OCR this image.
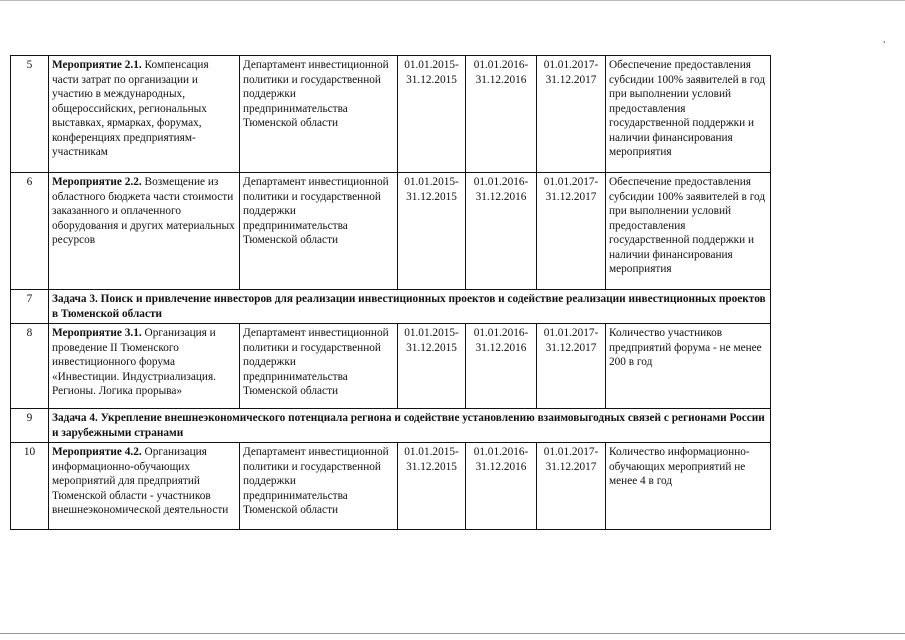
,
5	Мероприятие 2.1. Компенсация части затрат по организации и участию в международных, общероссийских, региональных выставках, ярмарках, форумах, конференциях предприятиям-участникам	Департамент инвестиционной политики и государственной поддержки предпринимательства Тюменской области	01.01.2015-31.12.2015	01.01.2016-31.12.2016	01.01.2017-31.12.2017	Обеспечение предоставления субсидии 100% заявителей в год при выполнении условий предоставления государственной поддержки и наличии финансирования мероприятия
6	Мероприятие 2.2. Возмещение из областного бюджета части стоимости заказанного и оплаченного оборудования и других материальных ресурсов	Департамент инвестиционной политики и государственной поддержки предпринимательства Тюменской области	01.01.2015-31.12.2015	01.01.2016-31.12.2016	01.01.2017-31.12.2017	Обеспечение предоставления субсидии 100% заявителей в год при выполнении условий предоставления государственной поддержки и наличии финансирования мероприятия
7	Задача 3. Поиск и привлечение инвесторов для реализации инвестиционных проектов и содействие реализации инвестиционных проектов в Тюменской области					
8	Мероприятие 3.1. Организация и проведение II Тюменского инвестиционного форума «Инвестиции. Индустриализация. Регионы. Логика прорыва»	Департамент инвестиционной политики и государственной поддержки предпринимательства Тюменской области	01.01.2015-31.12.2015	01.01.2016-31.12.2016	01.01.2017-31.12.2017	Количество участников предприятий форума - не менее 200 в год
9	Задача 4. Укрепление внешнеэкономического потенциала региона и содействие установлению взаимовыгодных связей с регионами России и зарубежными странами					
10	Мероприятие 4.2. Организация информационно-обучающих мероприятий для предприятий Тюменской области - участников внешнеэкономической деятельности	Департамент инвестиционной политики и государственной поддержки предпринимательства Тюменской области	01.01.2015-31.12.2015	01.01.2016-31.12.2016	01.01.2017-31.12.2017	Количество информационно-обучающих мероприятий не менее 4 в год
